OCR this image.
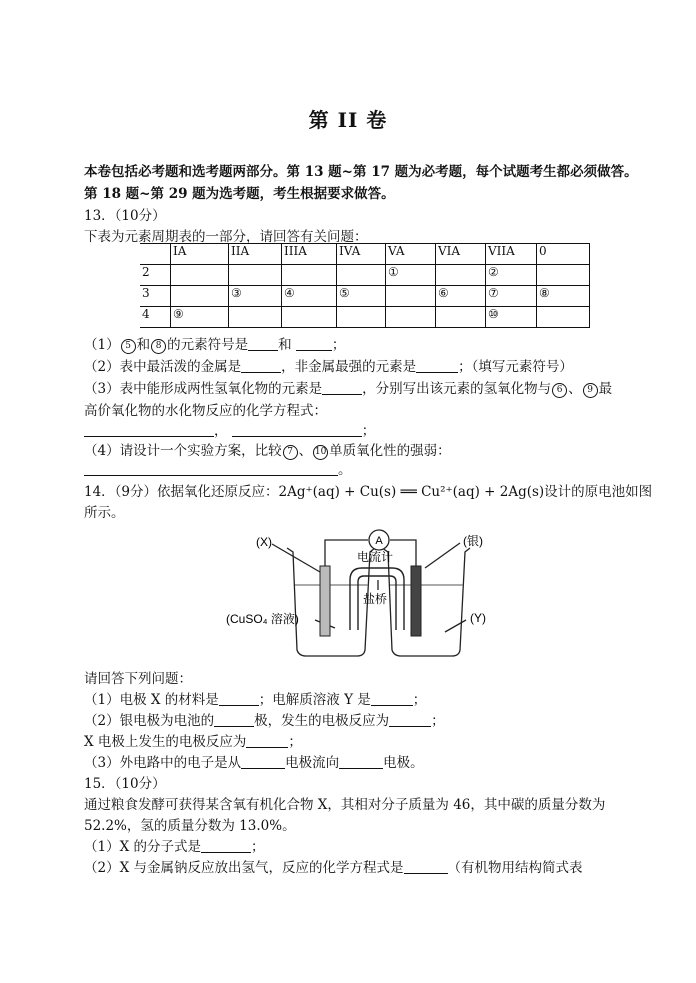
第 II 卷
本卷包括必考题和选考题两部分。第 13 题~第 17 题为必考题，每个试题考生都必须做答。
第 18 题~第 29 题为选考题，考生根据要求做答。
13．（10分）
下表为元素周期表的一部分，请回答有关问题：
	IA	IIA	IIIA	IVA	VA	VIA	VIIA	0
2					①		②	
3		③	④	⑤		⑥	⑦	⑧
4	⑨						⑩	
（1） 5 和 8 的元素符号是 和	；
（2）表中最活泼的金属是	，非金属最强的元素是	；（填写元素符号）
（3）表中能形成两性氢氧化物的元素是	，分别写出该元素的氢氧化物与 6 、 9 最
高价氧化物的水化物反应的化学方程式：
，	；
（4）请设计一个实验方案，比较 7 、 10 单质氧化性的强弱：
。
14．（9分）依据氧化还原反应：2Ag⁺(aq) + Cu(s) ══ Cu²⁺(aq) + 2Ag(s)设计的原电池如图
所示。
A
电流计
(X)	(银)
盐桥
(CuSO₄ 溶液)	(Y)
请回答下列问题：
（1）电极 X 的材料是	；电解质溶液 Y 是	；
（2）银电极为电池的	极，发生的电极反应为	；
X 电极上发生的电极反应为	；
（3）外电路中的电子是从	电极流向	电极。
15．（10分）
通过粮食发酵可获得某含氧有机化合物 X，其相对分子质量为 46，其中碳的质量分数为
52.2%，氢的质量分数为 13.0%。
（1）X 的分子式是	；
（2）X 与金属钠反应放出氢气，反应的化学方程式是	（有机物用结构简式表
